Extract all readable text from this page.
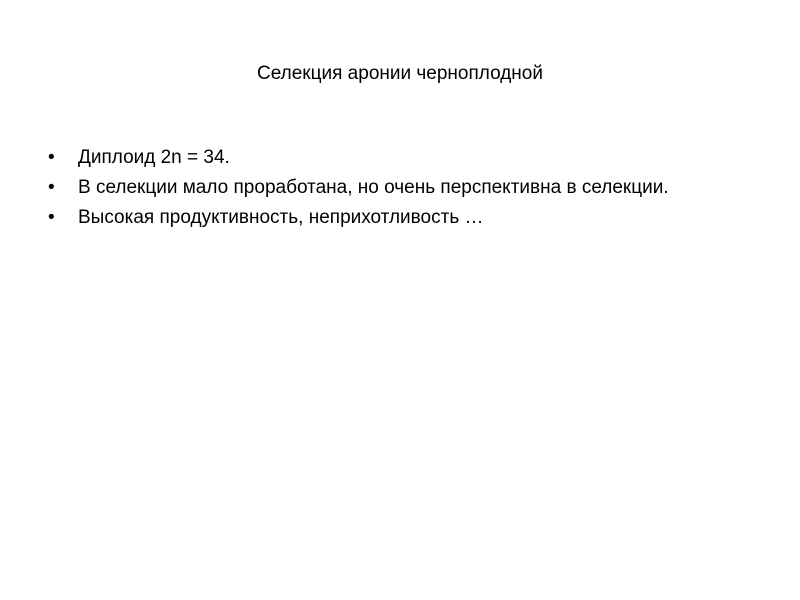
Селекция аронии черноплодной
•	Диплоид 2n = 34.
•	В селекции мало проработана, но очень перспективна в селекции.
•	Высокая продуктивность, неприхотливость …
